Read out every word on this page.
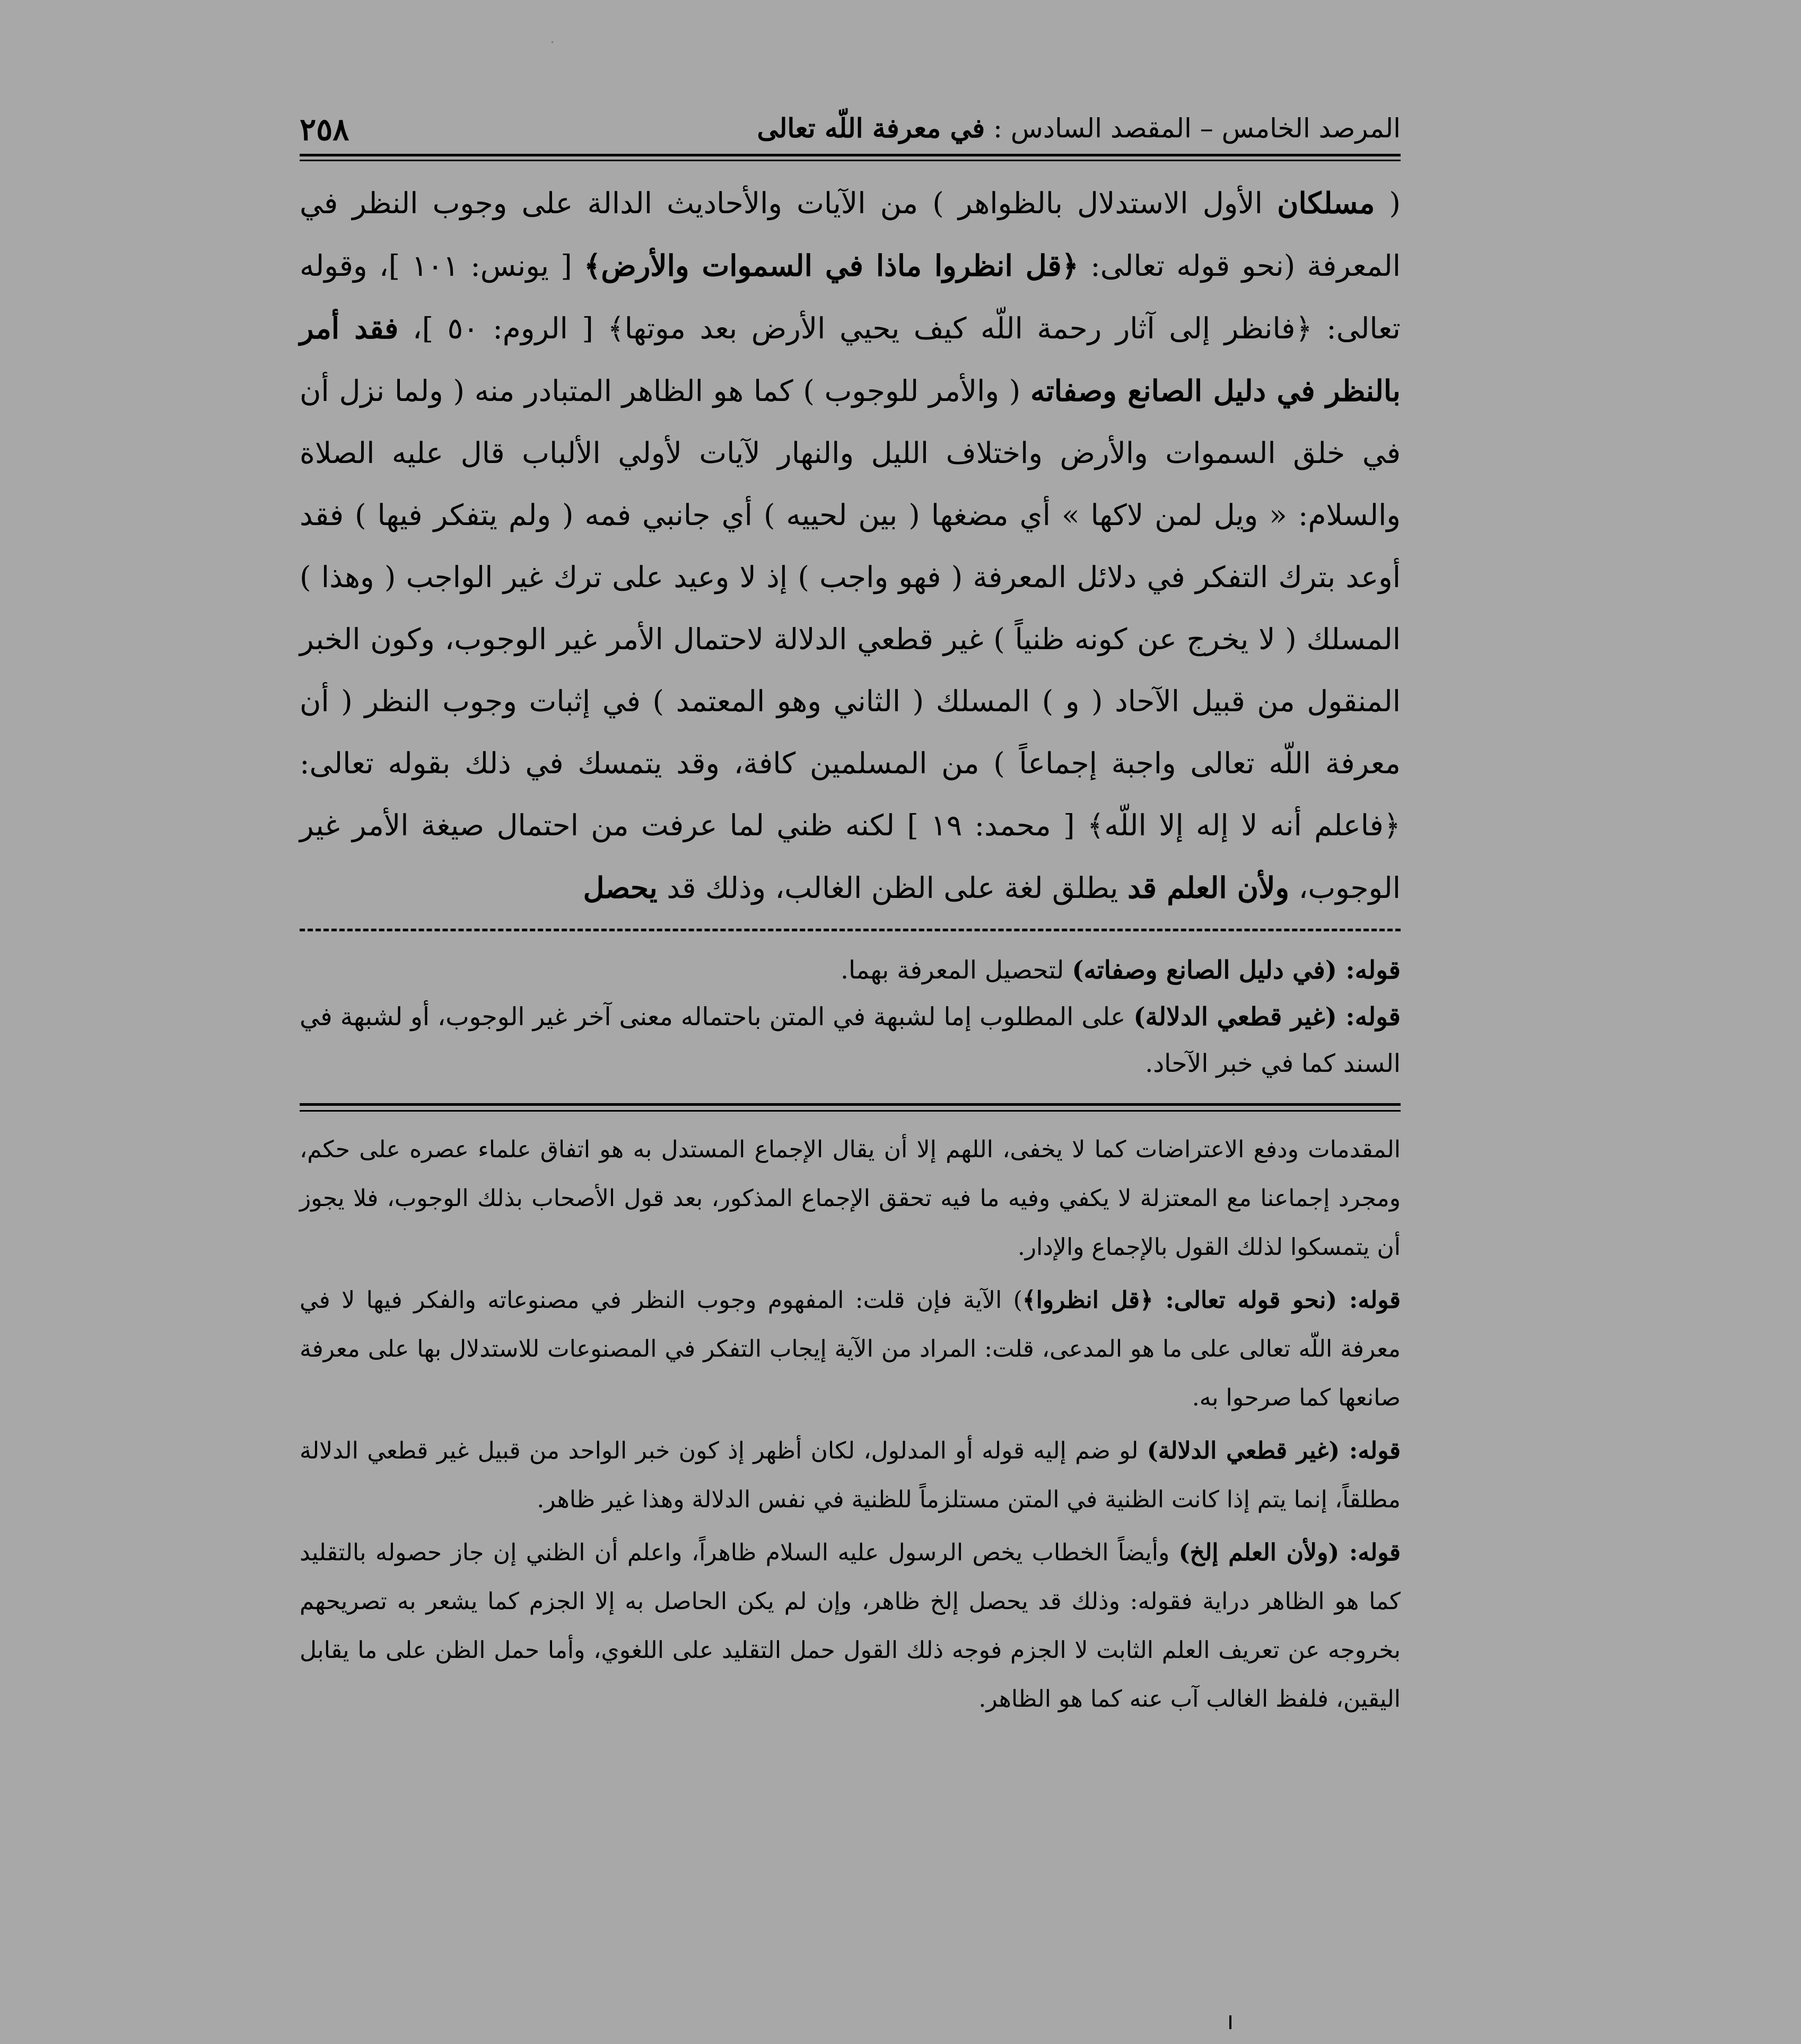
المرصد الخامس – المقصد السادس : في معرفة اللّه تعالى
٢٥٨

( مسلكان الأول الاستدلال بالظواهر ) من الآيات والأحاديث الدالة على وجوب النظر في المعرفة (نحو قوله تعالى: ﴿قل انظروا ماذا في السموات والأرض﴾ [ يونس: ١٠١ ]، وقوله تعالى: ﴿فانظر إلى آثار رحمة اللّه كيف يحيي الأرض بعد موتها﴾ [ الروم: ٥٠ ]، فقد أمر بالنظر في دليل الصانع وصفاته ( والأمر للوجوب ) كما هو الظاهر المتبادر منه ( ولما نزل أن في خلق السموات والأرض واختلاف الليل والنهار لآيات لأولي الألباب قال عليه الصلاة والسلام: « ويل لمن لاكها » أي مضغها ( بين لحييه ) أي جانبي فمه ( ولم يتفكر فيها ) فقد أوعد بترك التفكر في دلائل المعرفة ( فهو واجب ) إذ لا وعيد على ترك غير الواجب ( وهذا ) المسلك ( لا يخرج عن كونه ظنياً ) غير قطعي الدلالة لاحتمال الأمر غير الوجوب، وكون الخبر المنقول من قبيل الآحاد ( و ) المسلك ( الثاني وهو المعتمد ) في إثبات وجوب النظر ( أن معرفة اللّه تعالى واجبة إجماعاً ) من المسلمين كافة، وقد يتمسك في ذلك بقوله تعالى: ﴿فاعلم أنه لا إله إلا اللّه﴾ [ محمد: ١٩ ] لكنه ظني لما عرفت من احتمال صيغة الأمر غير الوجوب، ولأن العلم قد يطلق لغة على الظن الغالب، وذلك قد يحصل

قوله: (في دليل الصانع وصفاته) لتحصيل المعرفة بهما.

قوله: (غير قطعي الدلالة) على المطلوب إما لشبهة في المتن باحتماله معنى آخر غير الوجوب، أو لشبهة في السند كما في خبر الآحاد.

المقدمات ودفع الاعتراضات كما لا يخفى، اللهم إلا أن يقال الإجماع المستدل به هو اتفاق علماء عصره على حكم، ومجرد إجماعنا مع المعتزلة لا يكفي وفيه ما فيه تحقق الإجماع المذكور، بعد قول الأصحاب بذلك الوجوب، فلا يجوز أن يتمسكوا لذلك القول بالإجماع والإدار.

قوله: (نحو قوله تعالى: ﴿قل انظروا﴾) الآية فإن قلت: المفهوم وجوب النظر في مصنوعاته والفكر فيها لا في معرفة اللّه تعالى على ما هو المدعى، قلت: المراد من الآية إيجاب التفكر في المصنوعات للاستدلال بها على معرفة صانعها كما صرحوا به.

قوله: (غير قطعي الدلالة) لو ضم إليه قوله أو المدلول، لكان أظهر إذ كون خبر الواحد من قبيل غير قطعي الدلالة مطلقاً، إنما يتم إذا كانت الظنية في المتن مستلزماً للظنية في نفس الدلالة وهذا غير ظاهر.

قوله: (ولأن العلم إلخ) وأيضاً الخطاب يخص الرسول عليه السلام ظاهراً، واعلم أن الظني إن جاز حصوله بالتقليد كما هو الظاهر دراية فقوله: وذلك قد يحصل إلخ ظاهر، وإن لم يكن الحاصل به إلا الجزم كما يشعر به تصريحهم بخروجه عن تعريف العلم الثابت لا الجزم فوجه ذلك القول حمل التقليد على اللغوي، وأما حمل الظن على ما يقابل اليقين، فلفظ الغالب آب عنه كما هو الظاهر.
